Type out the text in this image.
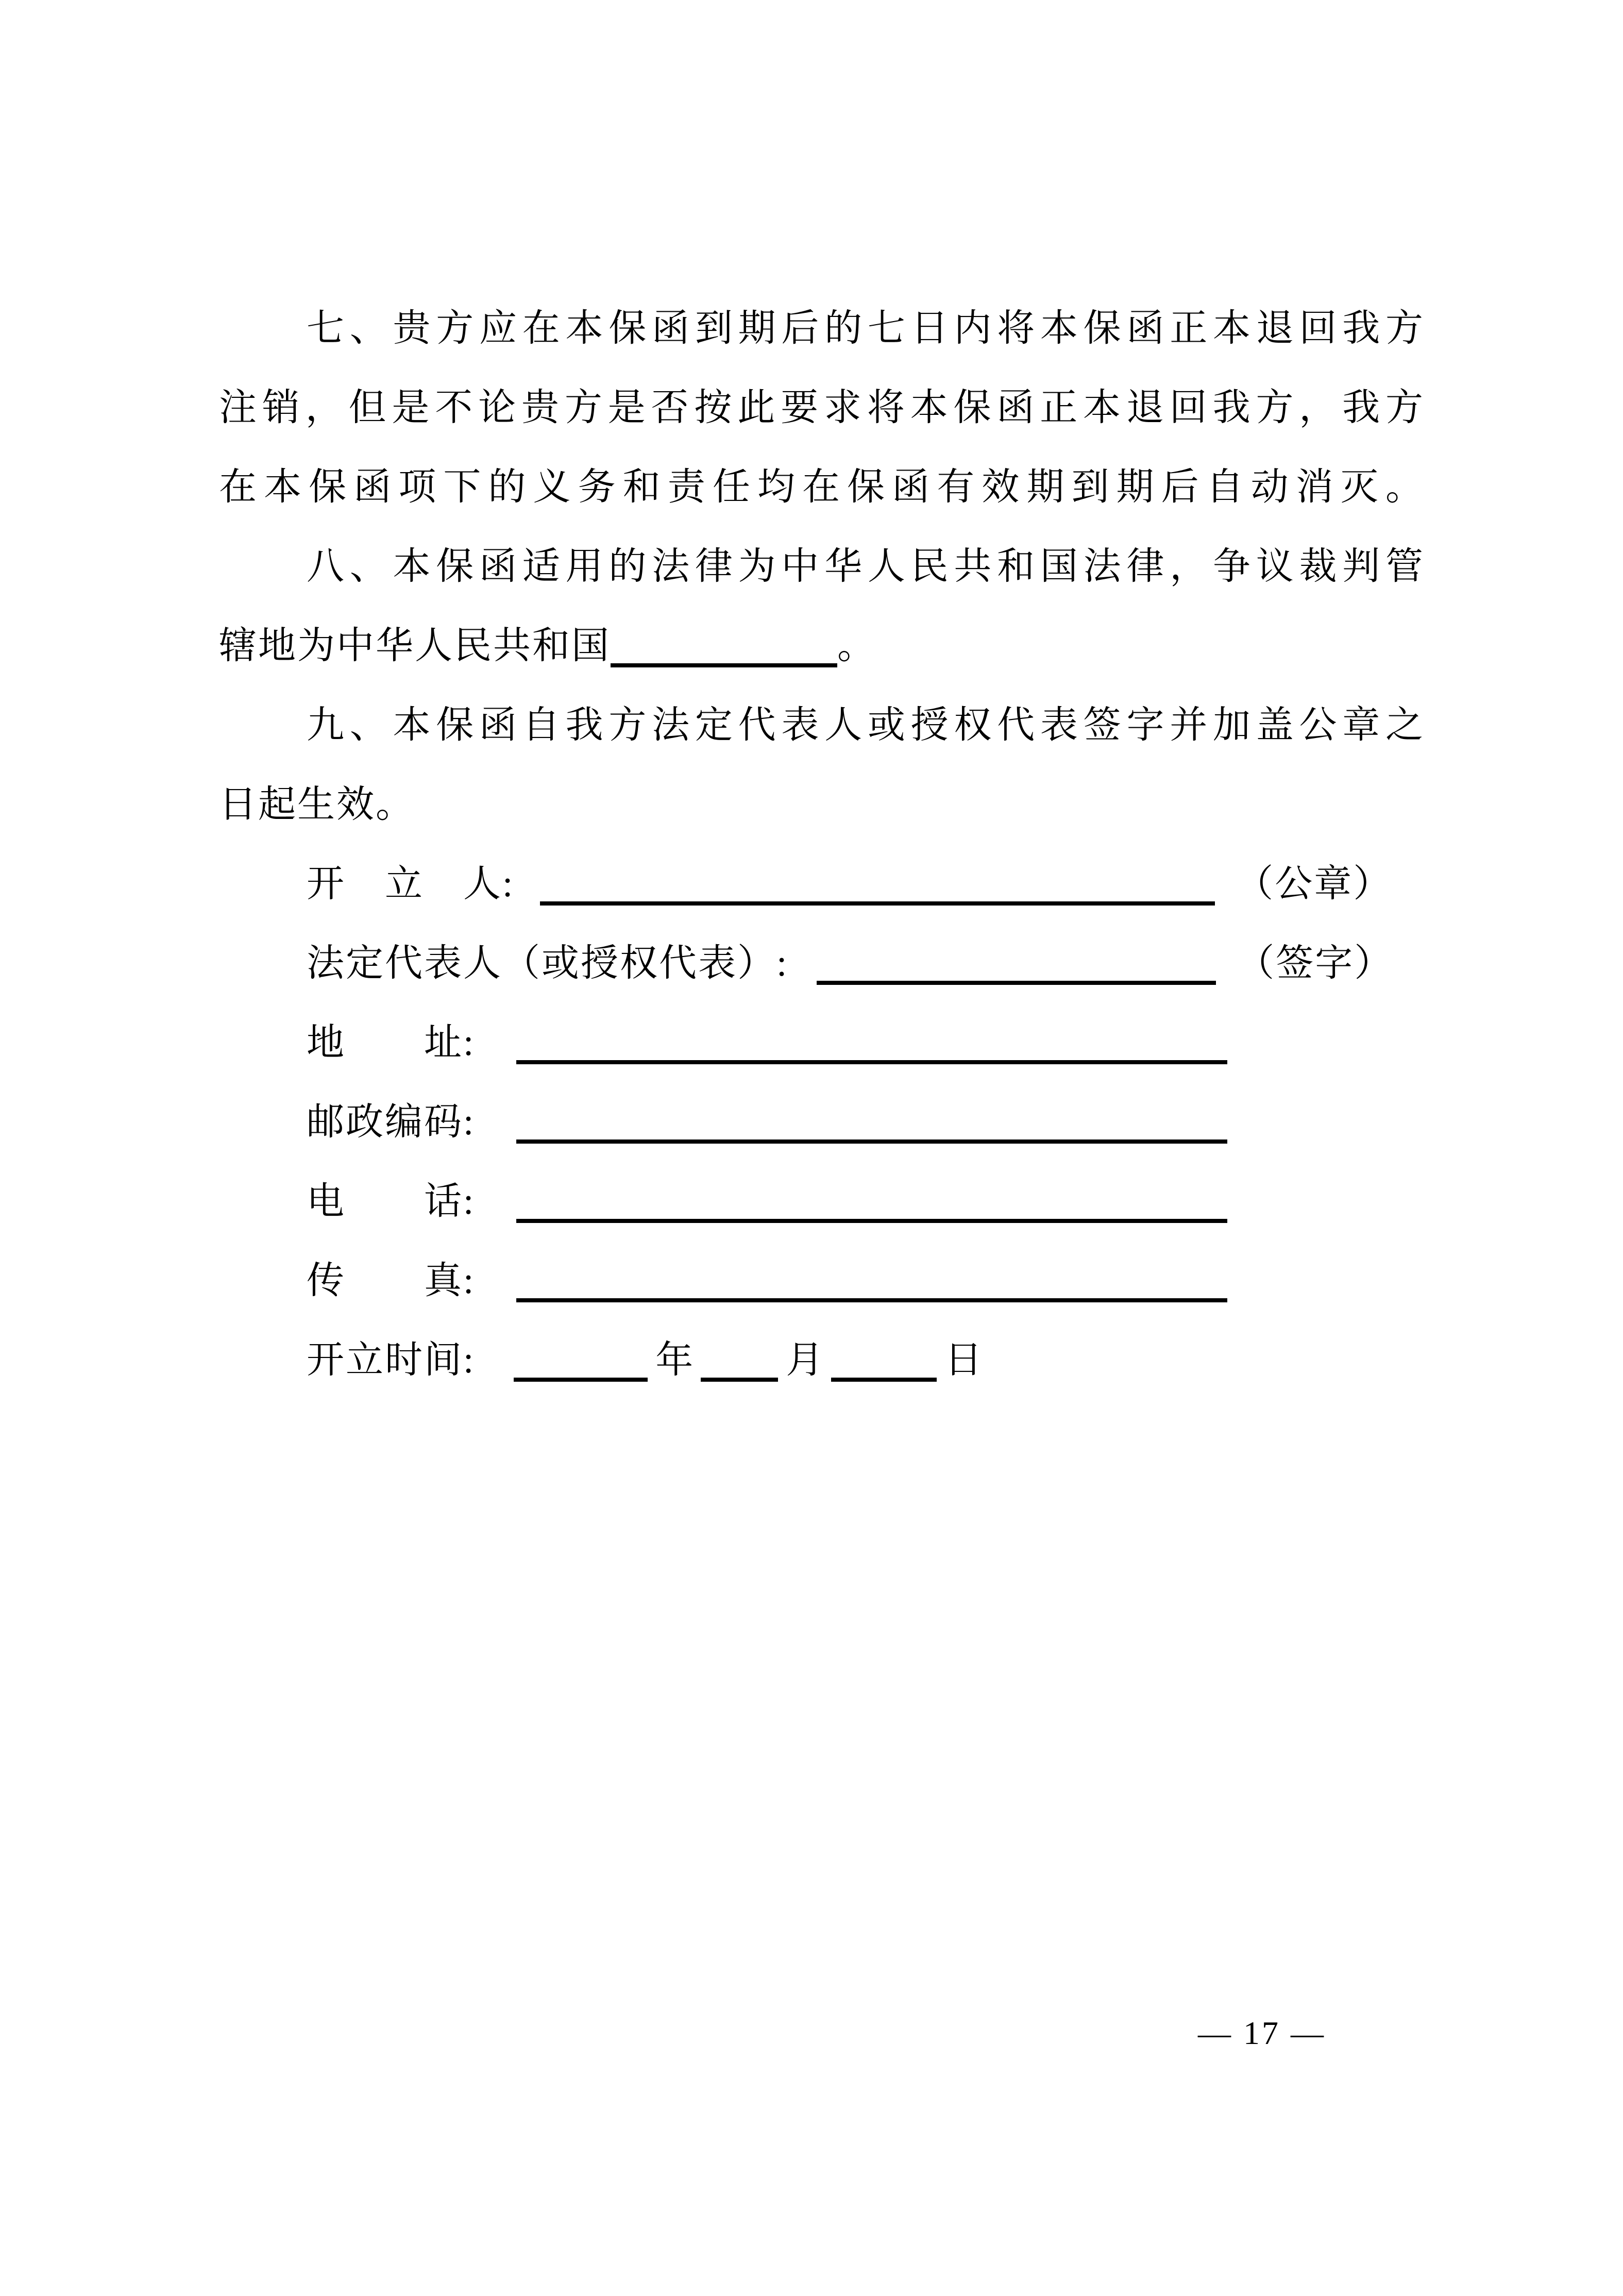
七、贵方应在本保函到期后的七日内将本保函正本退回我方
注销，但是不论贵方是否按此要求将本保函正本退回我方，我方
在本保函项下的义务和责任均在保函有效期到期后自动消灭。
八、本保函适用的法律为中华人民共和国法律，争议裁判管
辖地为中华人民共和国	。
九、本保函自我方法定代表人或授权代表签字并加盖公章之
日起生效。
开　立　人:	（公章）
法定代表人（或授权代表）:	（签字）
地　　址:
邮政编码:
电　　话:
传　　真:
开立时间:	年 月	日
— 17 —
